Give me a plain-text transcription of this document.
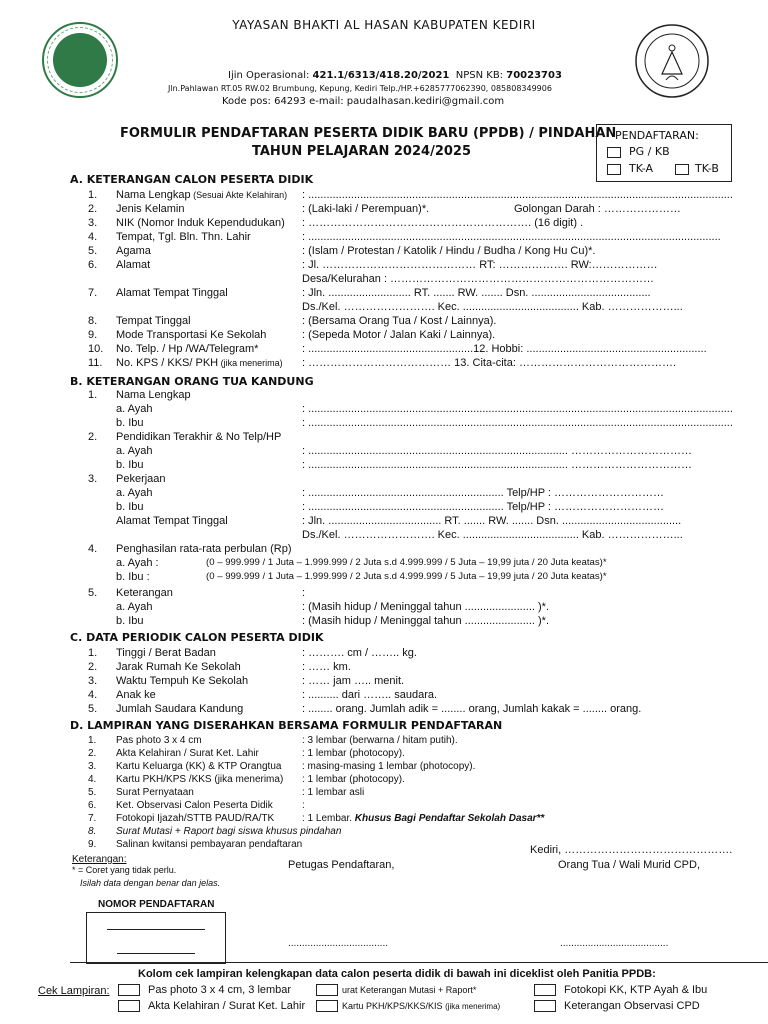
YAYASAN BHAKTI AL HASAN KABUPATEN KEDIRI
Ijin Operasional: 421.1/6313/418.20/2021 NPSN KB: 70023703
Jln.Pahlawan RT.05 RW.02 Brumbung, Kepung, Kediri Telp./HP.+6285777062390, 085808349906
Kode pos: 64293 e-mail: paudalhasan.kediri@gmail.com
FORMULIR PENDAFTARAN PESERTA DIDIK BARU (PPDB) / PINDAHAN
TAHUN PELAJARAN 2024/2025
PENDAFTARAN:
PG / KB
TK-A	TK-B
A. KETERANGAN CALON PESERTA DIDIK
1. Nama Lengkap (Sesuai Akte Kelahiran) : ...........................................................................................................................................
2. Jenis Kelamin	: (Laki-laki / Perempuan)*.	Golongan Darah : …………………
3. NIK (Nomor Induk Kependudukan) : ……………………………………………………. (16 digit) .
4. Tempat, Tgl. Bln. Thn. Lahir	: .......................................................................................................................................
5. Agama	: (Islam / Protestan / Katolik / Hindu / Budha / Kong Hu Cu)*.
6. Alamat	: Jl. …………………………………… RT: ………………. RW:………………
Desa/Kelurahan : ………………………………………………………………
7. Alamat Tempat Tinggal	: Jln. ........................... RT. ....... RW. ....... Dsn. .......................................
Ds./Kel. ……………………. Kec. ...................................... Kab. ………………...
8. Tempat Tinggal	: (Bersama Orang Tua / Kost / Lainnya).
9. Mode Transportasi Ke Sekolah	: (Sepeda Motor / Jalan Kaki / Lainnya).
10. No. Telp. / Hp /WA/Telegram*	: ......................................................12. Hobbi: ...........................................................
11. No. KPS / KKS/ PKH (jika menerima) : ………………………………… 13. Cita-cita: …………………………………….
B. KETERANGAN ORANG TUA KANDUNG
1. Nama Lengkap
a. Ayah	: ...........................................................................................................................................
b. Ibu	: ...........................................................................................................................................
2. Pendidikan Terakhir & No Telp/HP
a. Ayah	: ..................................................................................... ……………………………
b. Ibu	: ..................................................................................... ……………………………
3. Pekerjaan
a. Ayah	: ................................................................ Telp/HP : …………………………
b. Ibu	: ................................................................ Telp/HP : …………………………
Alamat Tempat Tinggal	: Jln. ..................................... RT. ....... RW. ....... Dsn. .......................................
Ds./Kel. ……………………. Kec. ...................................... Kab. ………………...
4. Penghasilan rata-rata perbulan (Rp)
a. Ayah :	(0 – 999.999 / 1 Juta – 1.999.999 / 2 Juta s.d 4.999.999 / 5 Juta – 19,99 juta / 20 Juta keatas)*
b. Ibu :	(0 – 999.999 / 1 Juta – 1.999.999 / 2 Juta s.d 4.999.999 / 5 Juta – 19,99 juta / 20 Juta keatas)*
5. Keterangan	:
a. Ayah	: (Masih hidup / Meninggal tahun ....................... )*.
b. Ibu	: (Masih hidup / Meninggal tahun ....................... )*.
C. DATA PERIODIK CALON PESERTA DIDIK
1. Tinggi / Berat Badan	: ………. cm / …….. kg.
2. Jarak Rumah Ke Sekolah	: …… km.
3. Waktu Tempuh Ke Sekolah	: …… jam ….. menit.
4. Anak ke	: .......... dari …….. saudara.
5. Jumlah Saudara Kandung	: ........ orang. Jumlah adik = ........ orang, Jumlah kakak = ........ orang.
D. LAMPIRAN YANG DISERAHKAN BERSAMA FORMULIR PENDAFTARAN
1. Pas photo 3 x 4 cm	: 3 lembar (berwarna / hitam putih).
2. Akta Kelahiran / Surat Ket. Lahir	: 1 lembar (photocopy).
3. Kartu Keluarga (KK) & KTP Orangtua : masing-masing 1 lembar (photocopy).
4. Kartu PKH/KPS /KKS (jika menerima) : 1 lembar (photocopy).
5. Surat Pernyataan	: 1 lembar asli
6. Ket. Observasi Calon Peserta Didik	:
7. Fotokopi Ijazah/STTB PAUD/RA/TK	: 1 Lembar. Khusus Bagi Pendaftar Sekolah Dasar**
8. Surat Mutasi + Raport bagi siswa khusus pindahan
9. Salinan kwitansi pembayaran pendaftaran
Keterangan:
* = Coret yang tidak perlu.
Isilah data dengan benar dan jelas.
Kediri, ……………………………………….
Petugas Pendaftaran,	Orang Tua / Wali Murid CPD,
NOMOR PENDAFTARAN
....................................	.......................................
Kolom cek lampiran kelengkapan data calon peserta didik di bawah ini diceklist oleh Panitia PPDB:
Cek Lampiran:	Pas photo 3 x 4 cm, 3 lembar	urat Keterangan Mutasi + Raport*	Fotokopi KK, KTP Ayah & Ibu
Akta Kelahiran / Surat Ket. Lahir	Kartu PKH/KPS/KKS/KIS (jika menerima)	Keterangan Observasi CPD
